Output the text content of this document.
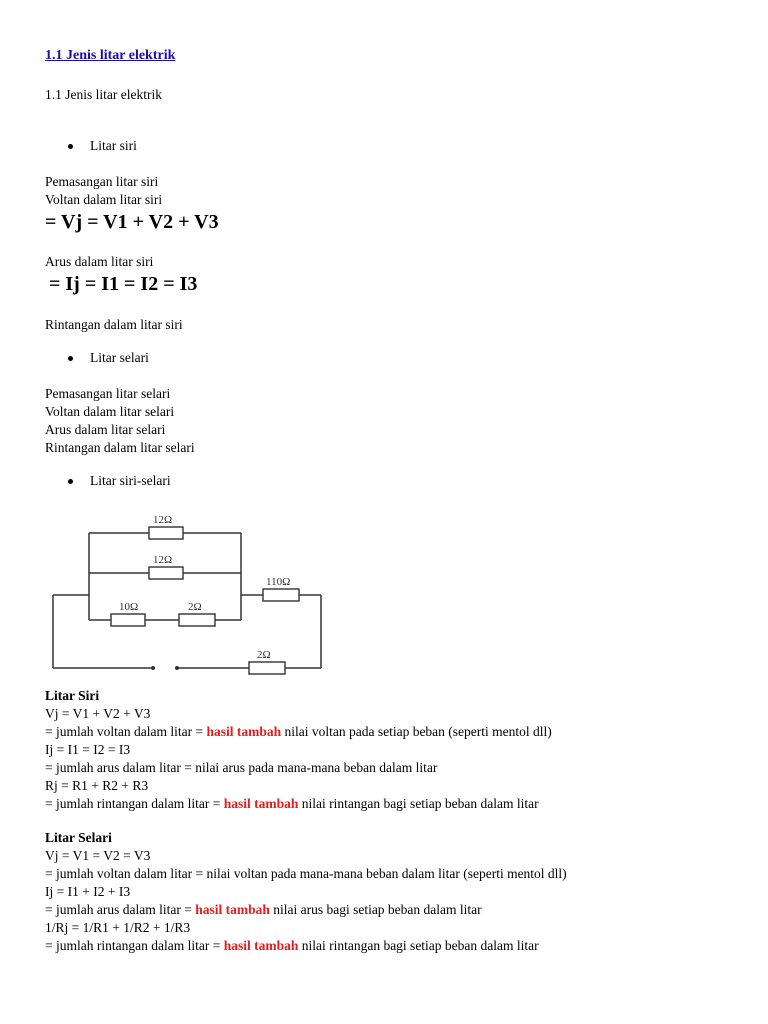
1.1 Jenis litar elektrik
1.1 Jenis litar elektrik
Litar siri
Pemasangan litar siri
Voltan dalam litar siri
= Vj = V1 + V2 + V3
Arus dalam litar siri
= Ij = I1 = I2 = I3
Rintangan dalam litar siri
Litar selari
Pemasangan litar selari
Voltan dalam litar selari
Arus dalam litar selari
Rintangan dalam litar selari
Litar siri-selari
12Ω
12Ω
10Ω	2Ω
110Ω
2Ω
Litar Siri
Vj = V1 + V2 + V3
= jumlah voltan dalam litar = hasil tambah nilai voltan pada setiap beban (seperti mentol dll)
Ij = I1 = I2 = I3
= jumlah arus dalam litar = nilai arus pada mana-mana beban dalam litar
Rj = R1 + R2 + R3
= jumlah rintangan dalam litar = hasil tambah nilai rintangan bagi setiap beban dalam litar
Litar Selari
Vj = V1 = V2 = V3
= jumlah voltan dalam litar = nilai voltan pada mana-mana beban dalam litar (seperti mentol dll)
Ij = I1 + I2 + I3
= jumlah arus dalam litar = hasil tambah nilai arus bagi setiap beban dalam litar
1/Rj = 1/R1 + 1/R2 + 1/R3
= jumlah rintangan dalam litar = hasil tambah nilai rintangan bagi setiap beban dalam litar
